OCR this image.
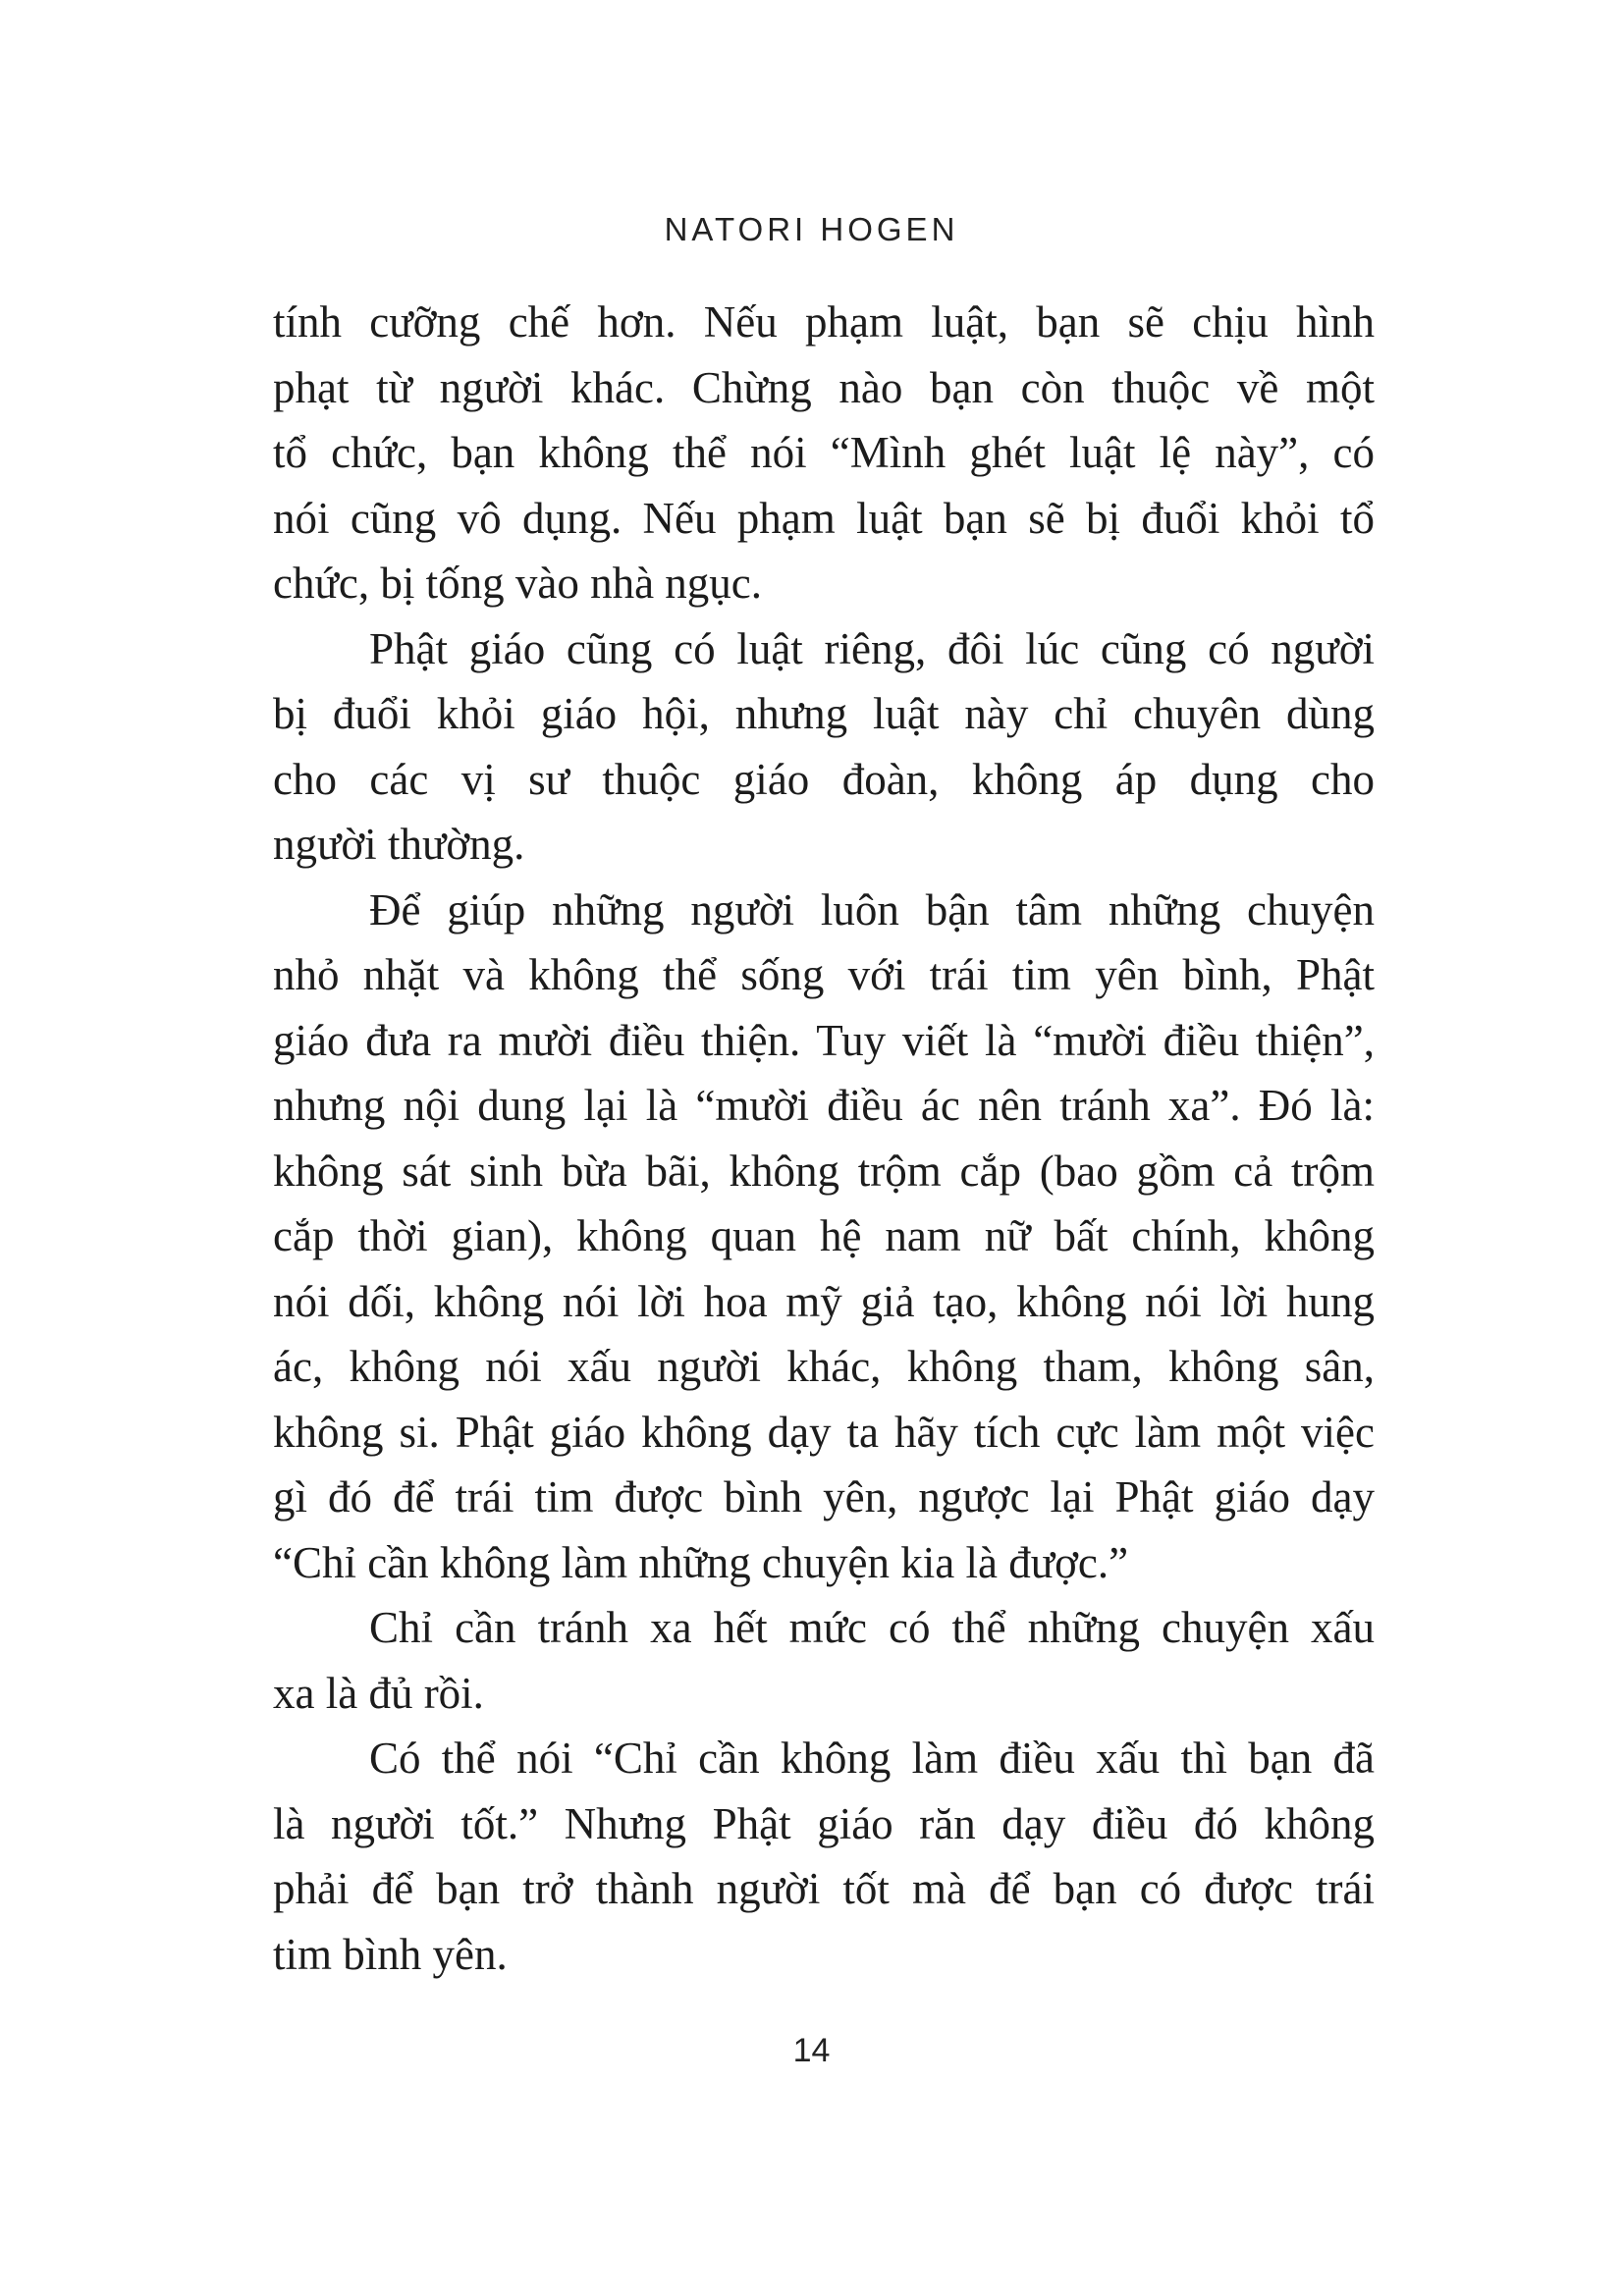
NATORI HOGEN
tính cưỡng chế hơn. Nếu phạm luật, bạn sẽ chịu hình
phạt từ người khác. Chừng nào bạn còn thuộc về một
tổ chức, bạn không thể nói “Mình ghét luật lệ này”, có
nói cũng vô dụng. Nếu phạm luật bạn sẽ bị đuổi khỏi tổ
chức, bị tống vào nhà ngục.
Phật giáo cũng có luật riêng, đôi lúc cũng có người
bị đuổi khỏi giáo hội, nhưng luật này chỉ chuyên dùng
cho các vị sư thuộc giáo đoàn, không áp dụng cho
người thường.
Để giúp những người luôn bận tâm những chuyện
nhỏ nhặt và không thể sống với trái tim yên bình, Phật
giáo đưa ra mười điều thiện. Tuy viết là “mười điều thiện”,
nhưng nội dung lại là “mười điều ác nên tránh xa”. Đó là:
không sát sinh bừa bãi, không trộm cắp (bao gồm cả trộm
cắp thời gian), không quan hệ nam nữ bất chính, không
nói dối, không nói lời hoa mỹ giả tạo, không nói lời hung
ác, không nói xấu người khác, không tham, không sân,
không si. Phật giáo không dạy ta hãy tích cực làm một việc
gì đó để trái tim được bình yên, ngược lại Phật giáo dạy
“Chỉ cần không làm những chuyện kia là được.”
Chỉ cần tránh xa hết mức có thể những chuyện xấu
xa là đủ rồi.
Có thể nói “Chỉ cần không làm điều xấu thì bạn đã
là người tốt.” Nhưng Phật giáo răn dạy điều đó không
phải để bạn trở thành người tốt mà để bạn có được trái
tim bình yên.
14
